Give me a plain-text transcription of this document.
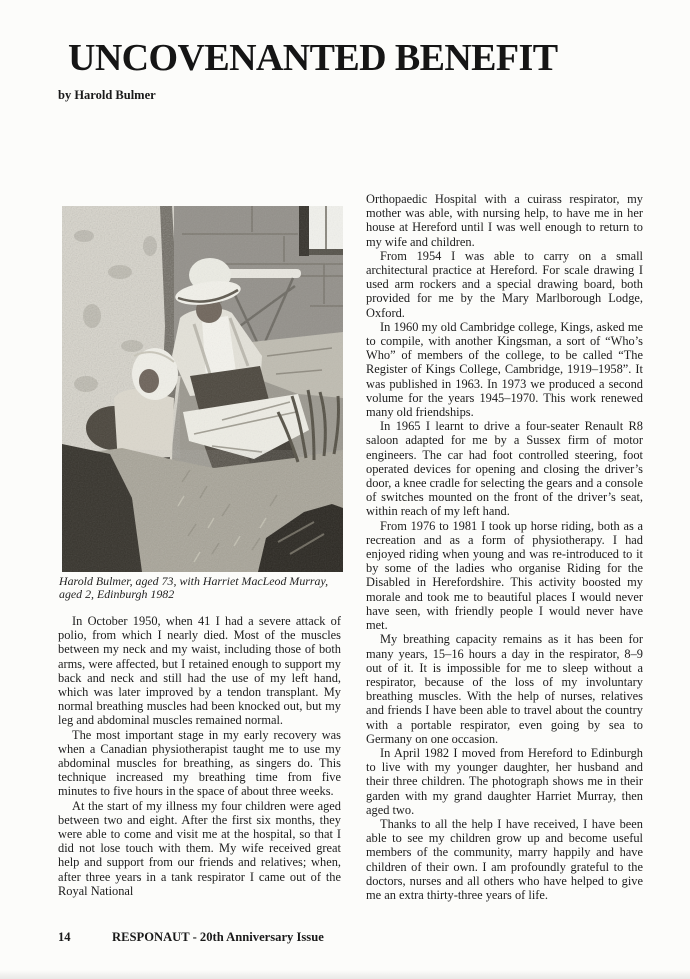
UNCOVENANTED BENEFIT
by Harold Bulmer
Harold Bulmer, aged 73, with Harriet MacLeod Murray, aged 2, Edinburgh 1982

In October 1950, when 41 I had a severe attack of polio, from which I nearly died. Most of the muscles between my neck and my waist, including those of both arms, were affected, but I retained enough to support my back and neck and still had the use of my left hand, which was later improved by a tendon transplant. My normal breathing muscles had been knocked out, but my leg and abdominal muscles remained normal.

The most important stage in my early recovery was when a Canadian physiotherapist taught me to use my abdominal muscles for breathing, as singers do. This technique increased my breathing time from five minutes to five hours in the space of about three weeks.

At the start of my illness my four children were aged between two and eight. After the first six months, they were able to come and visit me at the hospital, so that I did not lose touch with them. My wife received great help and support from our friends and relatives; when, after three years in a tank respirator I came out of the Royal National

Orthopaedic Hospital with a cuirass respirator, my mother was able, with nursing help, to have me in her house at Hereford until I was well enough to return to my wife and children.

From 1954 I was able to carry on a small architectural practice at Hereford. For scale drawing I used arm rockers and a special drawing board, both provided for me by the Mary Marlborough Lodge, Oxford.

In 1960 my old Cambridge college, Kings, asked me to compile, with another Kingsman, a sort of “Who’s Who” of members of the college, to be called “The Register of Kings College, Cambridge, 1919–1958”. It was published in 1963. In 1973 we produced a second volume for the years 1945–1970. This work renewed many old friendships.

In 1965 I learnt to drive a four-seater Renault R8 saloon adapted for me by a Sussex firm of motor engineers. The car had foot controlled steering, foot operated devices for opening and closing the driver’s door, a knee cradle for selecting the gears and a console of switches mounted on the front of the driver’s seat, within reach of my left hand.

From 1976 to 1981 I took up horse riding, both as a recreation and as a form of physiotherapy. I had enjoyed riding when young and was re-introduced to it by some of the ladies who organise Riding for the Disabled in Herefordshire. This activity boosted my morale and took me to beautiful places I would never have seen, with friendly people I would never have met.

My breathing capacity remains as it has been for many years, 15–16 hours a day in the respirator, 8–9 out of it. It is impossible for me to sleep without a respirator, because of the loss of my involuntary breathing muscles. With the help of nurses, relatives and friends I have been able to travel about the country with a portable respirator, even going by sea to Germany on one occasion.

In April 1982 I moved from Hereford to Edinburgh to live with my younger daughter, her husband and their three children. The photograph shows me in their garden with my grand daughter Harriet Murray, then aged two.

Thanks to all the help I have received, I have been able to see my children grow up and become useful members of the community, marry happily and have children of their own. I am profoundly grateful to the doctors, nurses and all others who have helped to give me an extra thirty-three years of life.

14	RESPONAUT - 20th Anniversary Issue
